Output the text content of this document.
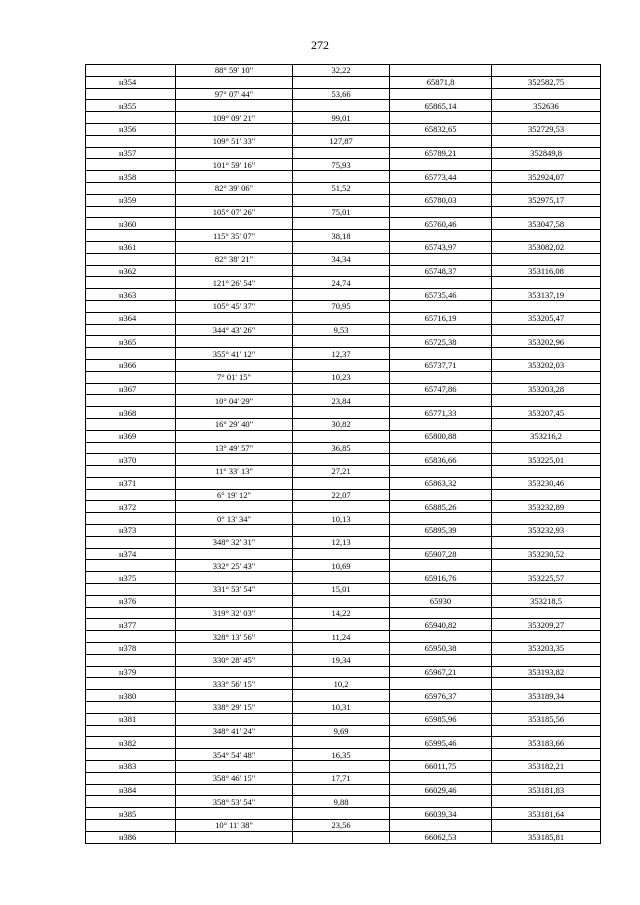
272
	88° 59' 10"	32,22		
н354			65871,8	352582,75
	97° 07' 44"	53,66		
н355			65865,14	352636
	109° 09' 21"	99,01		
н356			65832,65	352729,53
	109° 51' 33"	127,87		
н357			65789,21	352849,8
	101° 59' 16"	75,93		
н358			65773,44	352924,07
	82° 39' 06"	51,52		
н359			65780,03	352975,17
	105° 07' 26"	75,01		
н360			65760,46	353047,58
	115° 35' 07"	38,18		
н361			65743,97	353082,02
	82° 38' 21"	34,34		
н362			65748,37	353116,08
	121° 26' 54"	24,74		
н363			65735,46	353137,19
	105° 45' 37"	70,95		
н364			65716,19	353205,47
	344° 43' 26"	9,53		
н365			65725,38	353202,96
	355° 41' 12"	12,37		
н366			65737,71	353202,03
	7° 01' 15"	10,23		
н367			65747,86	353203,28
	10° 04' 29"	23,84		
н368			65771,33	353207,45
	16° 29' 40"	30,82		
н369			65800,88	353216,2
	13° 49' 57"	36,85		
н370			65836,66	353225,01
	11° 33' 13"	27,21		
н371			65863,32	353230,46
	6° 19' 12"	22,07		
н372			65885,26	353232,89
	0° 13' 34"	10,13		
н373			65895,39	353232,93
	348° 32' 31"	12,13		
н374			65907,28	353230,52
	332° 25' 43"	10,69		
н375			65916,76	353225,57
	331° 53' 54"	15,01		
н376			65930	353218,5
	319° 32' 03"	14,22		
н377			65940,82	353209,27
	328° 13' 56"	11,24		
н378			65950,38	353203,35
	330° 28' 45"	19,34		
н379			65967,21	353193,82
	333° 56' 15"	10,2		
н380			65976,37	353189,34
	338° 29' 15"	10,31		
н381			65985,96	353185,56
	348° 41' 24"	9,69		
н382			65995,46	353183,66
	354° 54' 48"	16,35		
н383			66011,75	353182,21
	358° 46' 15"	17,71		
н384			66029,46	353181,83
	358° 53' 54"	9,88		
н385			66039,34	353181,64
	10° 11' 38"	23,56		
н386			66062,53	353185,81
